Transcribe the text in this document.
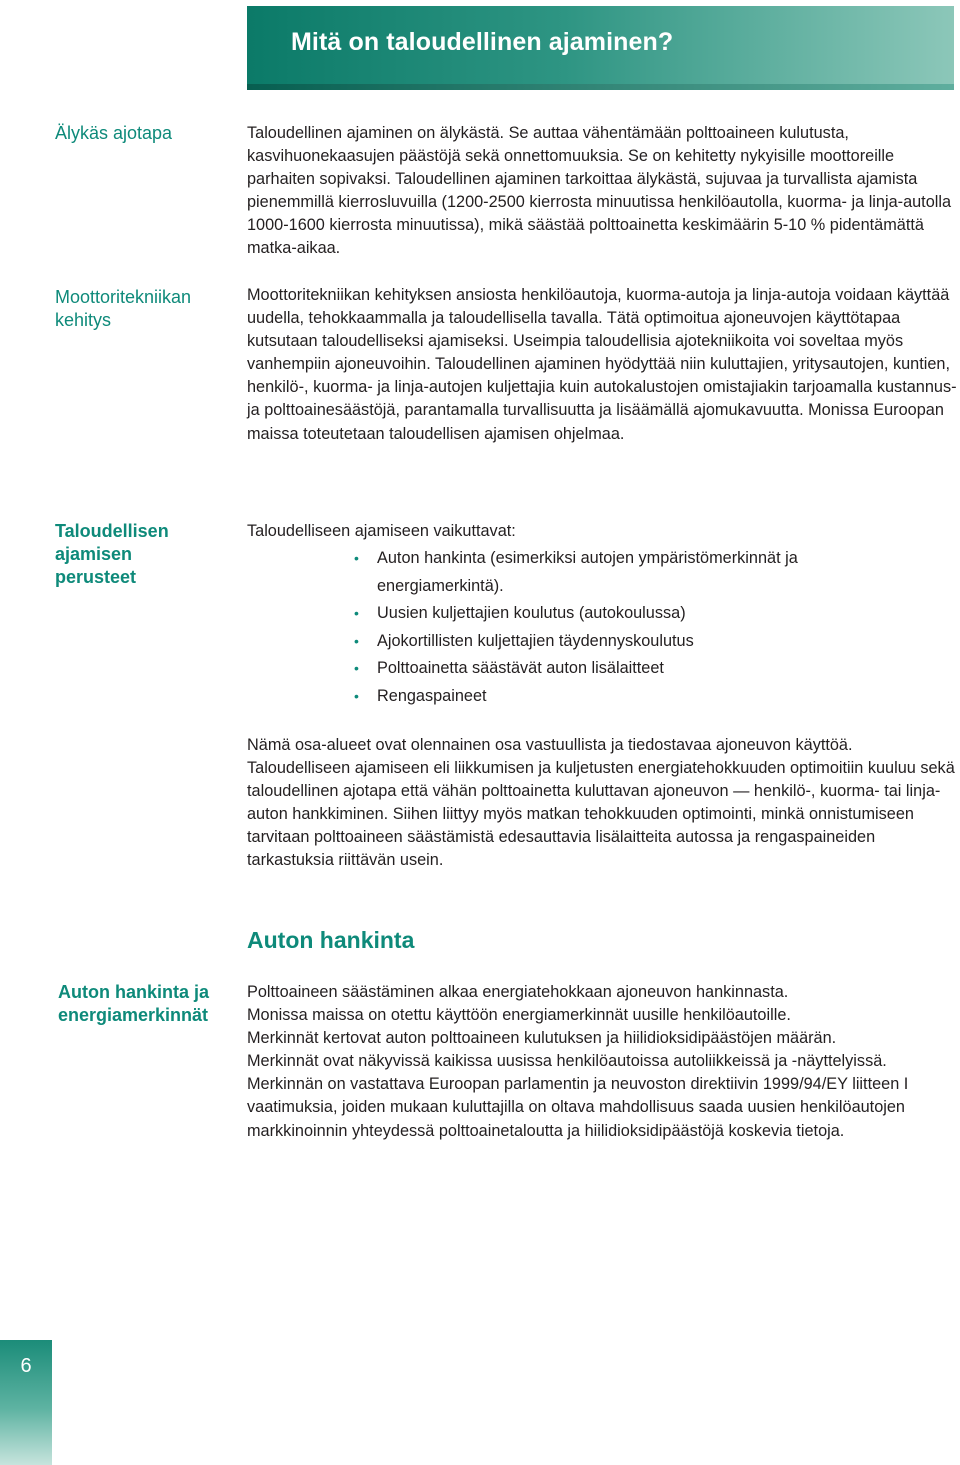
Mitä on taloudellinen ajaminen?
Älykäs ajotapa	Taloudellinen ajaminen on älykästä. Se auttaa vähentämään polttoaineen kulutusta, kasvihuonekaasujen päästöjä sekä onnettomuuksia. Se on kehitetty nykyisille moottoreille parhaiten sopivaksi. Taloudellinen ajaminen tarkoittaa älykästä, sujuvaa ja turvallista ajamista pienemmillä kierrosluvuilla (1200-2500 kierrosta minuutissa henkilöautolla, kuorma- ja linja-autolla 1000-1600 kierrosta minuutissa), mikä säästää polttoainetta keskimäärin 5-10 % pidentämättä matka-aikaa.

Moottoritekniikan kehitys

Moottoritekniikan kehityksen ansiosta henkilöautoja, kuorma-autoja ja linja-autoja voidaan käyttää uudella, tehokkaammalla ja taloudellisella tavalla. Tätä optimoitua ajoneuvojen käyttötapaa kutsutaan taloudelliseksi ajamiseksi. Useimpia taloudellisia ajotekniikoita voi soveltaa myös vanhempiin ajoneuvoihin. Taloudellinen ajaminen hyödyttää niin kuluttajien, yritysautojen, kuntien, henkilö-, kuorma- ja linja-autojen kuljettajia kuin autokalustojen omistajiakin tarjoamalla kustannus- ja polttoainesäästöjä, parantamalla turvallisuutta ja lisäämällä ajomukavuutta. Monissa Euroopan maissa toteutetaan taloudellisen ajamisen ohjelmaa.

Taloudellisen ajamisen perusteet

Taloudelliseen ajamiseen vaikuttavat:

• Auton hankinta (esimerkiksi autojen ympäristömerkinnät ja energiamerkintä).
• Uusien kuljettajien koulutus (autokoulussa)
• Ajokortillisten kuljettajien täydennyskoulutus
• Polttoainetta säästävät auton lisälaitteet
• Rengaspaineet

Nämä osa-alueet ovat olennainen osa vastuullista ja tiedostavaa ajoneuvon käyttöä. Taloudelliseen ajamiseen eli liikkumisen ja kuljetusten energiatehokkuuden optimoitiin kuuluu sekä taloudellinen ajotapa että vähän polttoainetta kuluttavan ajoneuvon — henkilö-, kuorma- tai linja-auton hankkiminen. Siihen liittyy myös matkan tehokkuuden optimointi, minkä onnistumiseen tarvitaan polttoaineen säästämistä edesauttavia lisälaitteita autossa ja rengaspaineiden tarkastuksia riittävän usein.

Auton hankinta
Auton hankinta ja energiamerkinnät

Polttoaineen säästäminen alkaa energiatehokkaan ajoneuvon hankinnasta.

Monissa maissa on otettu käyttöön energiamerkinnät uusille henkilöautoille.

Merkinnät kertovat auton polttoaineen kulutuksen ja hiilidioksidipäästöjen määrän.

Merkinnät ovat näkyvissä kaikissa uusissa henkilöautoissa autoliikkeissä ja -näyttelyissä.

Merkinnän on vastattava Euroopan parlamentin ja neuvoston direktiivin 1999/94/EY liitteen I vaatimuksia, joiden mukaan kuluttajilla on oltava mahdollisuus saada uusien henkilöautojen markkinoinnin yhteydessä polttoainetaloutta ja hiilidioksidipäästöjä koskevia tietoja.

6
